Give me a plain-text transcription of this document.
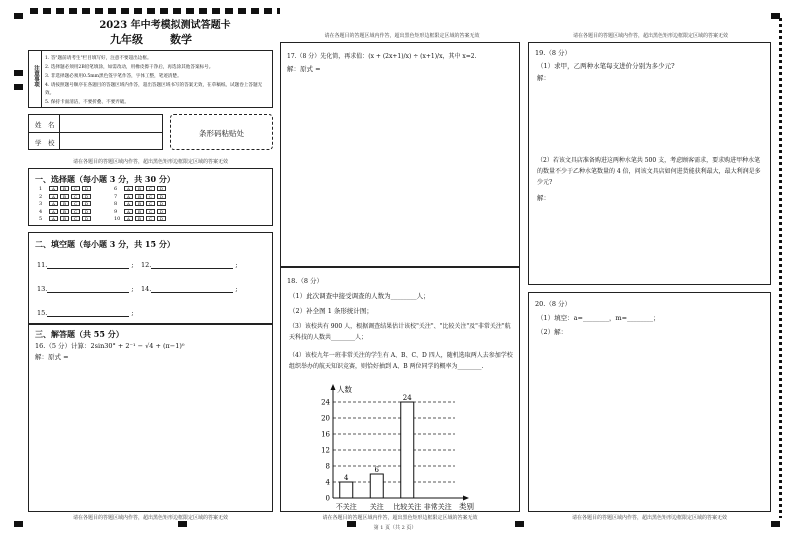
2023 年中考模拟测试答题卡
九年级 数学
注意事项
1. 答"题前请考生"栏目填写好，注意不要超出边框。
2. 选择题必须用2B铅笔填涂，如需改动，用橡皮擦干净后，再选涂其他答案标号。
3. 非选择题必须用0.5mm黑色签字笔作答，字体工整，笔迹清楚。
4. 请按照题号顺序在各题目的答题区域内作答，超出答题区域书写的答案无效，在草稿纸、试题卷上答题无效。
5. 保持卡面清洁，不要折叠、不要弄破。
姓　名
学　校
条形码粘贴处
请在各题目的答题区域内作答，超出黑色矩形边框限定区域的答案无效
一、选择题（每小题 3 分，共 30 分）
1 A B C D
2 A B C D
3 A B C D
4 A B C D
5 A B C D
6 A B C D
7 A B C D
8 A B C D
9 A B C D
10 A B C D
二、填空题（每小题 3 分，共 15 分）
11.	; 12.	;
13.	; 14.	;
15.	;
三、解答题（共 55 分）
16.（5 分）计算：2sin30° + 2⁻¹ − √4 + (π−1)⁰
解：原式 =
请在各题目的答题区域内作答，超出黑色矩形边框限定区域的答案无效
请在各题目的答题区域内作答，超出黑色矩形边框限定区域的答案无效
17.（8 分）先化简，再求值：(x + (2x+1)/x) ÷ (x+1)/x，其中 x=2.
解：原式 =
18.（8 分）
（1）此次调查中接受调查的人数为________人；
（2）补全图 1 条形统计图；
（3）该校共有 900 人，根据调查结果估计该校"关注"、"比较关注"及"非常关注"航天科技的人数共________人；
（4）该校九年一班非常关注的学生有 A、B、C、D 四人，随机选取两人去参加学校组织举办的航天知识竞赛，则恰好抽到 A、B 两位同学的概率为________.
0
4
8
12
16
20
24
人数
类别
4
不关注
6
关注
24
比较关注 非常关注
请在各题目的答题区域内作答，超出黑色矩形边框限定区域的答案无效
第 1 页（共 2 页）
请在各题目的答题区域内作答，超出黑色矩形边框限定区域的答案无效
19.（8 分）
（1）求甲，乙两种水笔每支进价分别为多少元?
解：
（2）若该文具店准备购进这两种水笔共 500 支，考虑顾客需求，要求购进甲种水笔的数量不少于乙种水笔数量的 4 倍，问该文具店如何进货能获利最大，最大利润是多少元?
解：
20.（8 分）
（1）填空：a=________，m=________；
（2）解：
请在各题目的答题区域内作答，超出黑色矩形边框限定区域的答案无效
